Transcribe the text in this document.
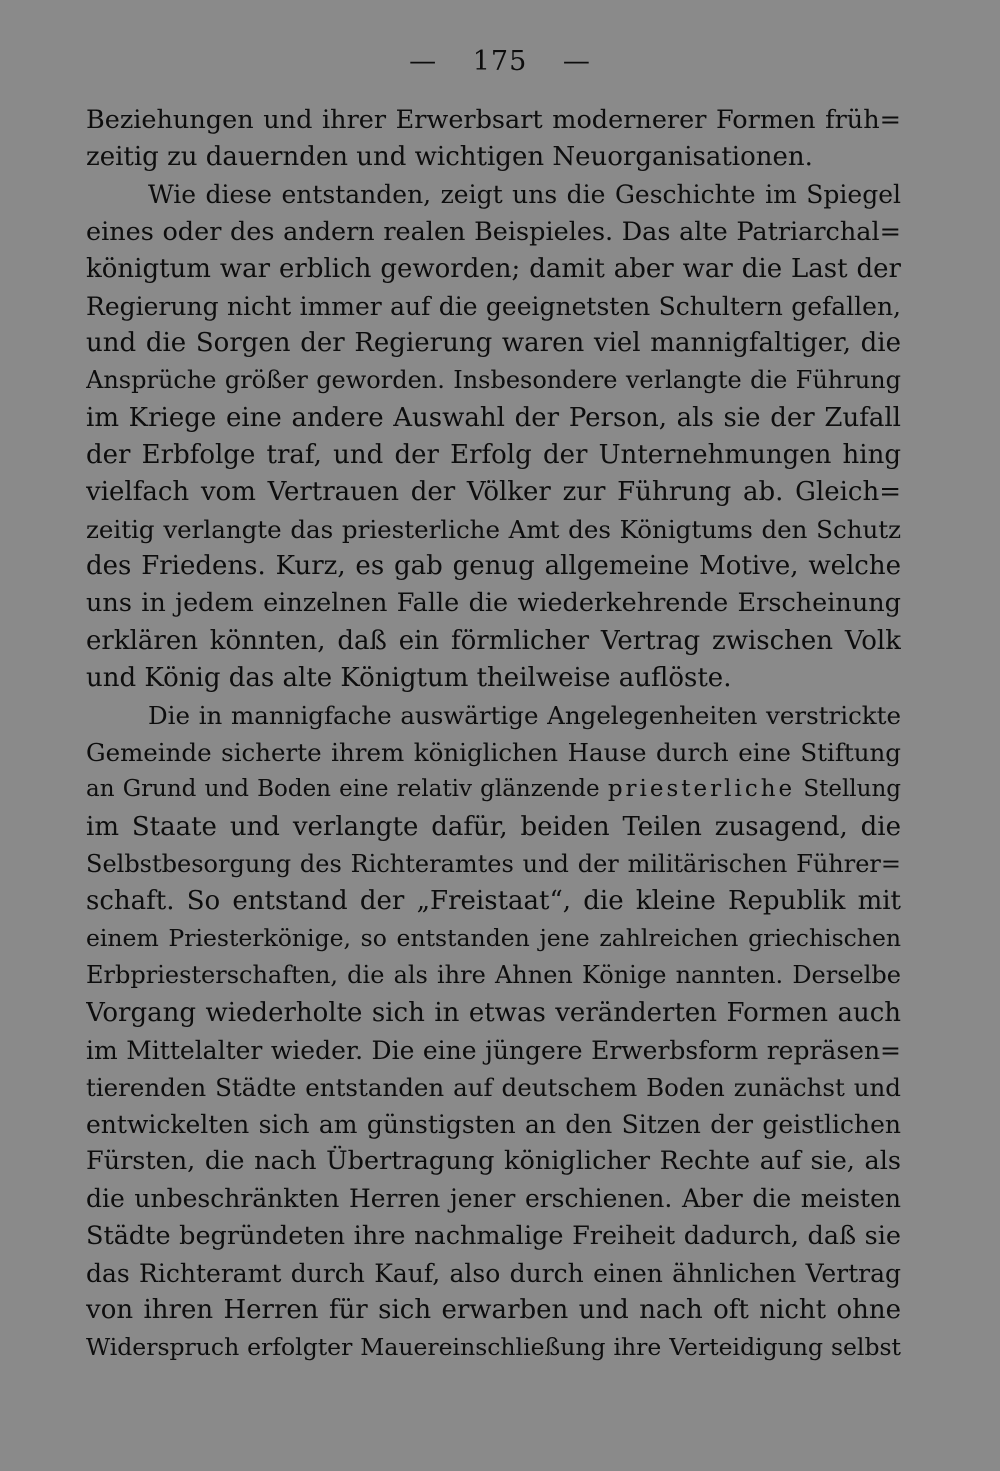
— 175 —
Beziehungen und ihrer Erwerbsart modernerer Formen früh=
zeitig zu dauernden und wichtigen Neuorganisationen.
Wie diese entstanden, zeigt uns die Geschichte im Spiegel
eines oder des andern realen Beispieles. Das alte Patriarchal=
königtum war erblich geworden; damit aber war die Last der
Regierung nicht immer auf die geeignetsten Schultern gefallen,
und die Sorgen der Regierung waren viel mannigfaltiger, die
Ansprüche größer geworden. Insbesondere verlangte die Führung
im Kriege eine andere Auswahl der Person, als sie der Zufall
der Erbfolge traf, und der Erfolg der Unternehmungen hing
vielfach vom Vertrauen der Völker zur Führung ab. Gleich=
zeitig verlangte das priesterliche Amt des Königtums den Schutz
des Friedens. Kurz, es gab genug allgemeine Motive, welche
uns in jedem einzelnen Falle die wiederkehrende Erscheinung
erklären könnten, daß ein förmlicher Vertrag zwischen Volk
und König das alte Königtum theilweise auflöste.
Die in mannigfache auswärtige Angelegenheiten verstrickte
Gemeinde sicherte ihrem königlichen Hause durch eine Stiftung
an Grund und Boden eine relativ glänzende priesterliche Stellung
im Staate und verlangte dafür, beiden Teilen zusagend, die
Selbstbesorgung des Richteramtes und der militärischen Führer=
schaft. So entstand der „Freistaat“, die kleine Republik mit
einem Priesterkönige, so entstanden jene zahlreichen griechischen
Erbpriesterschaften, die als ihre Ahnen Könige nannten. Derselbe
Vorgang wiederholte sich in etwas veränderten Formen auch
im Mittelalter wieder. Die eine jüngere Erwerbsform repräsen=
tierenden Städte entstanden auf deutschem Boden zunächst und
entwickelten sich am günstigsten an den Sitzen der geistlichen
Fürsten, die nach Übertragung königlicher Rechte auf sie, als
die unbeschränkten Herren jener erschienen. Aber die meisten
Städte begründeten ihre nachmalige Freiheit dadurch, daß sie
das Richteramt durch Kauf, also durch einen ähnlichen Vertrag
von ihren Herren für sich erwarben und nach oft nicht ohne
Widerspruch erfolgter Mauereinschließung ihre Verteidigung selbst
